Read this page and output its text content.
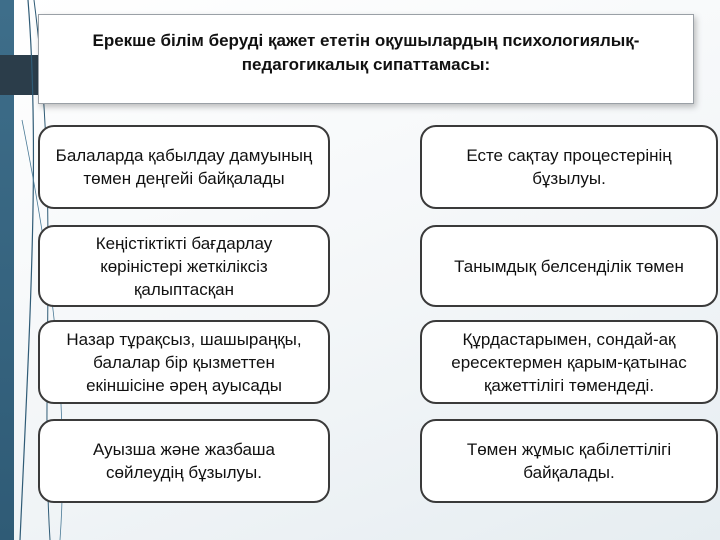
Ерекше білім беруді қажет ететін оқушылардың психологиялық-педагогикалық сипаттамасы:
Балаларда қабылдау дамуының төмен деңгейі байқалады
Кеңістіктікті бағдарлау көріністері жеткіліксіз қалыптасқан
Назар тұрақсыз, шашыраңқы, балалар бір қызметтен екіншісіне әрең ауысады
Ауызша және жазбаша сөйлеудің бұзылуы.
Есте сақтау процестерінің бұзылуы.
Танымдық белсенділік төмен
Құрдастарымен, сондай-ақ ересектермен қарым-қатынас қажеттілігі төмендеді.
Төмен жұмыс қабілеттілігі байқалады.
